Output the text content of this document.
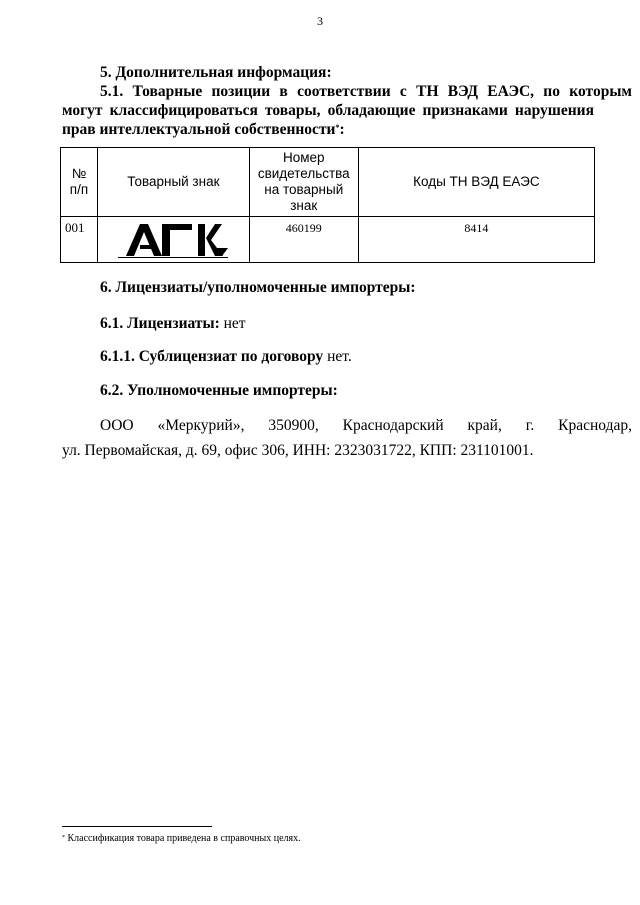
3
5. Дополнительная информация:
5.1. Товарные позиции в соответствии с ТН ВЭД ЕАЭС, по которым
могут классифицироваться товары, обладающие признаками нарушения
прав интеллектуальной собственности*:
№
п/п	Товарный знак	Номер
свидетельства
на товарный
знак	Коды ТН ВЭД ЕАЭС
001		460199	8414
6. Лицензиаты/уполномоченные импортеры:
6.1. Лицензиаты: нет
6.1.1. Сублицензиат по договору нет.
6.2. Уполномоченные импортеры:
ООО «Меркурий», 350900, Краснодарский край, г. Краснодар,
ул. Первомайская, д. 69, офис 306, ИНН: 2323031722, КПП: 231101001.
* Классификация товара приведена в справочных целях.
